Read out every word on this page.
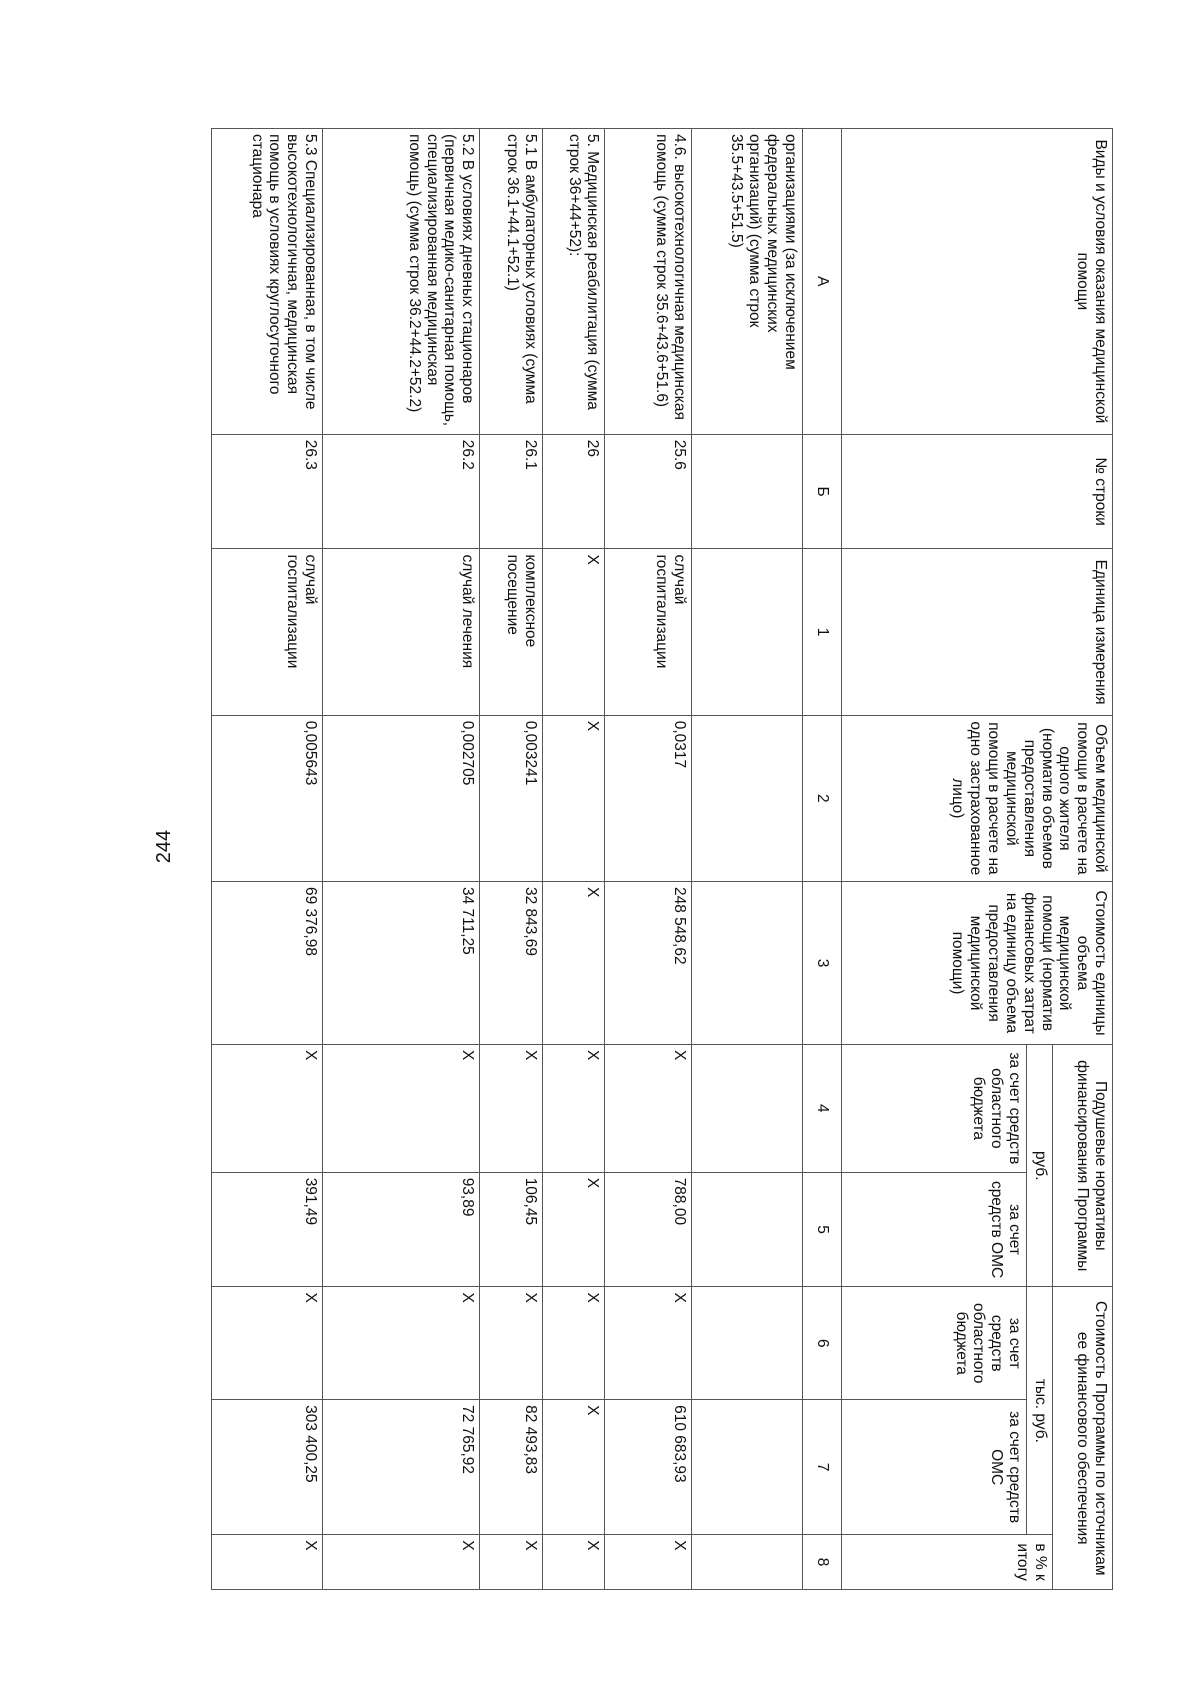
244
Виды и условия оказания медицинской помощи	№ строки	Единица измерения	Объем медицинской помощи в расчете на одного жителя (норматив объемов предоставления медицинской помощи в расчете на одно застрахованное лицо)	Стоимость единицы объема медицинской помощи (норматив финансовых затрат на единицу объема предоставления медицинской помощи)	Подушевые нормативы финансирования Программы		Стоимость Программы по источникам ее финансового обеспечения		
					руб.		тыс. руб.		в % к итогу
					за счет средств областного бюджета	за счет средств ОМС	за счет средств областного бюджета	за счет средств ОМС	
А	Б	1	2	3	4	5	6	7	8
организациями (за исключением федеральных медицинских организаций) (сумма строк 35.5+43.5+51.5)									
4.6. высокотехнологичная медицинская помощь (сумма строк 35.6+43.6+51.6)	25.6	случай госпитализации	0,0317	248 548,62	Х	788,00	Х	610 683,93	Х
5. Медицинская реабилитация (сумма строк 36+44+52):	26	Х	Х	Х	Х	Х	Х	Х	Х
5.1 В амбулаторных условиях (сумма строк 36.1+44.1+52.1)	26.1	комплексное посещение	0,003241	32 843,69	Х	106,45	Х	82 493,83	Х
5.2 В условиях дневных стационаров (первичная медико-санитарная помощь, специализированная медицинская помощь) (сумма строк 36.2+44.2+52.2)	26.2	случай лечения	0,002705	34 711,25	Х	93,89	Х	72 765,92	Х
5.3 Специализированная, в том числе высокотехнологичная, медицинская помощь в условиях круглосуточного стационара	26.3	случай госпитализации	0,005643	69 376,98	Х	391,49	Х	303 400,25	Х
